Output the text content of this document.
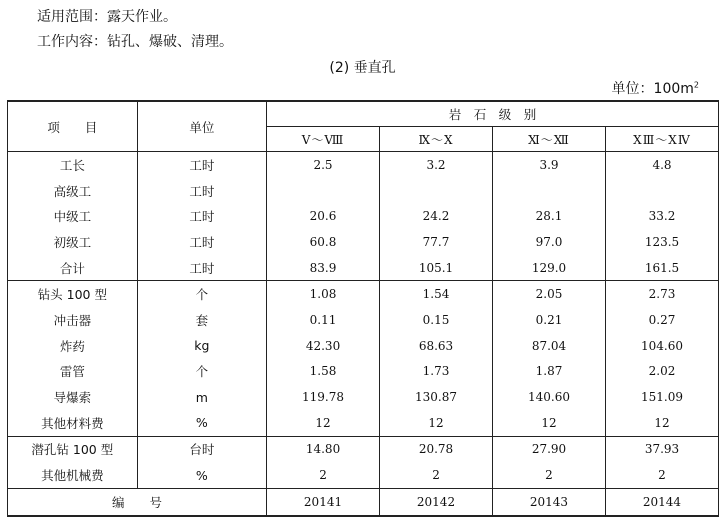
适用范围：露天作业。
工作内容：钻孔、爆破、清理。
(2) 垂直孔
单位：$100m^2$
项　　目	单位	岩　石　级　别			
		Ⅴ～Ⅷ	Ⅸ～Ⅹ	Ⅺ～Ⅻ	ⅩⅢ～ⅩⅣ
工长	工时	2.5	3.2	3.9	4.8
高级工	工时				
中级工	工时	20.6	24.2	28.1	33.2
初级工	工时	60.8	77.7	97.0	123.5
合计	工时	83.9	105.1	129.0	161.5
钻头 100 型	个	1.08	1.54	2.05	2.73
冲击器	套	0.11	0.15	0.21	0.27
炸药	kg	42.30	68.63	87.04	104.60
雷管	个	1.58	1.73	1.87	2.02
导爆索	m	119.78	130.87	140.60	151.09
其他材料费	%	12	12	12	12
潜孔钻 100 型	台时	14.80	20.78	27.90	37.93
其他机械费	%	2	2	2	2
编　　号		20141	20142	20143	20144
